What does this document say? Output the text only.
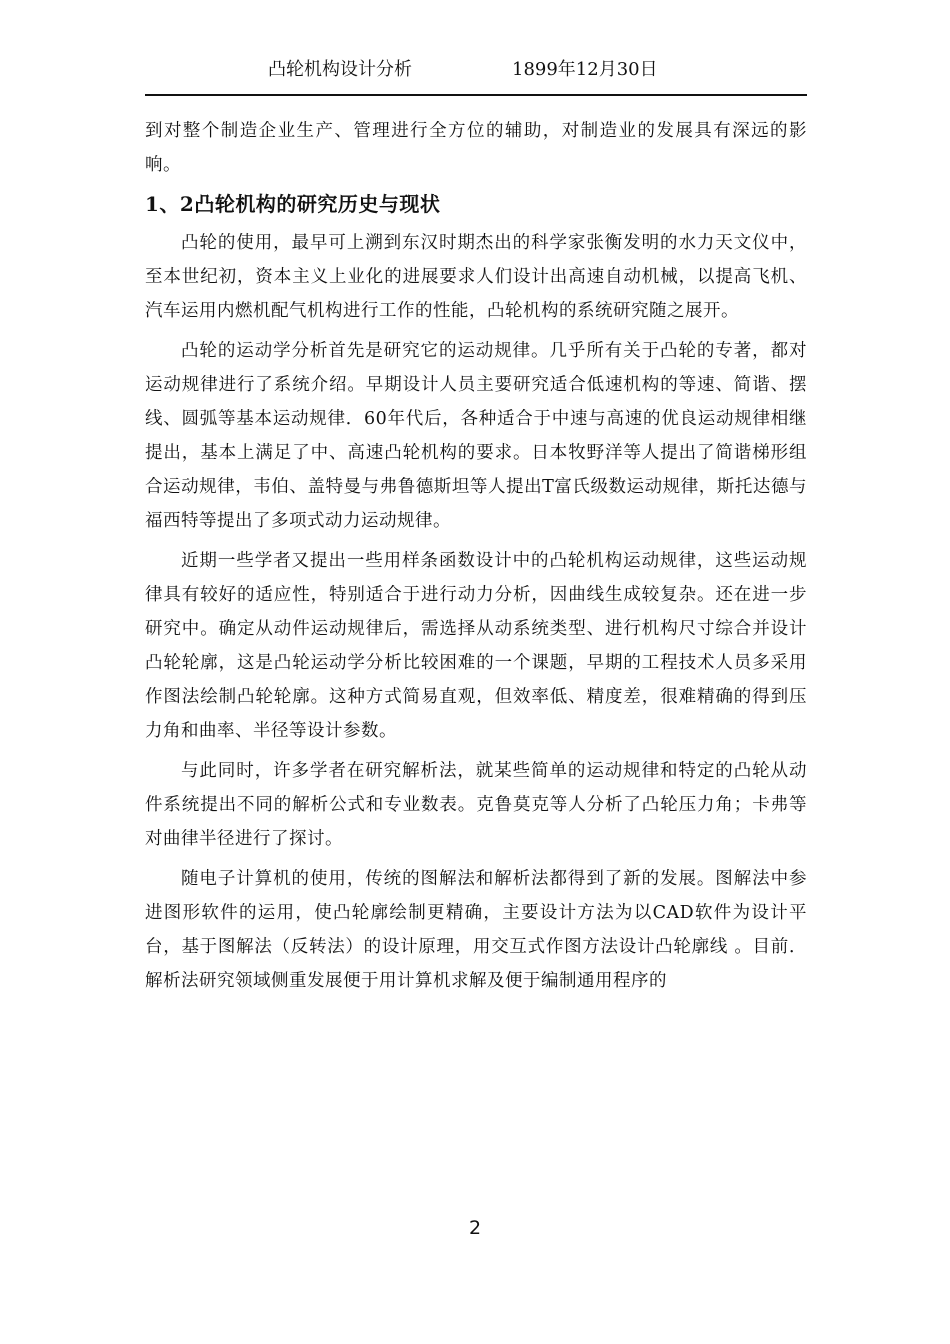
凸轮机构设计分析	1899年12月30日

到对整个制造企业生产、管理进行全方位的辅助，对制造业的发展具有深远的影响。

1、2凸轮机构的研究历史与现状

凸轮的使用，最早可上溯到东汉时期杰出的科学家张衡发明的水力天文仪中，至本世纪初，资本主义上业化的进展要求人们设计出高速自动机械，以提高飞机、汽车运用内燃机配气机构进行工作的性能，凸轮机构的系统研究随之展开。

凸轮的运动学分析首先是研究它的运动规律。几乎所有关于凸轮的专著，都对运动规律进行了系统介绍。早期设计人员主要研究适合低速机构的等速、简谐、摆线、圆弧等基本运动规律．60年代后，各种适合于中速与高速的优良运动规律相继提出，基本上满足了中、高速凸轮机构的要求。日本牧野洋等人提出了简谐梯形组合运动规律，韦伯、盖特曼与弗鲁德斯坦等人提出T富氏级数运动规律，斯托达德与福西特等提出了多项式动力运动规律。

近期一些学者又提出一些用样条函数设计中的凸轮机构运动规律，这些运动规律具有较好的适应性，特别适合于进行动力分析，因曲线生成较复杂。还在进一步研究中。确定从动件运动规律后，需选择从动系统类型、进行机构尺寸综合并设计凸轮轮廓，这是凸轮运动学分析比较困难的一个课题，早期的工程技术人员多采用作图法绘制凸轮轮廓。这种方式简易直观，但效率低、精度差，很难精确的得到压力角和曲率、半径等设计参数。

与此同时，许多学者在研究解析法，就某些简单的运动规律和特定的凸轮从动件系统提出不同的解析公式和专业数表。克鲁莫克等人分析了凸轮压力角；卡弗等对曲律半径进行了探讨。

随电子计算机的使用，传统的图解法和解析法都得到了新的发展。图解法中参进图形软件的运用，使凸轮廓绘制更精确，主要设计方法为以CAD软件为设计平台，基于图解法（反转法）的设计原理，用交互式作图方法设计凸轮廓线 。目前．解析法研究领域侧重发展便于用计算机求解及便于编制通用程序的

2
